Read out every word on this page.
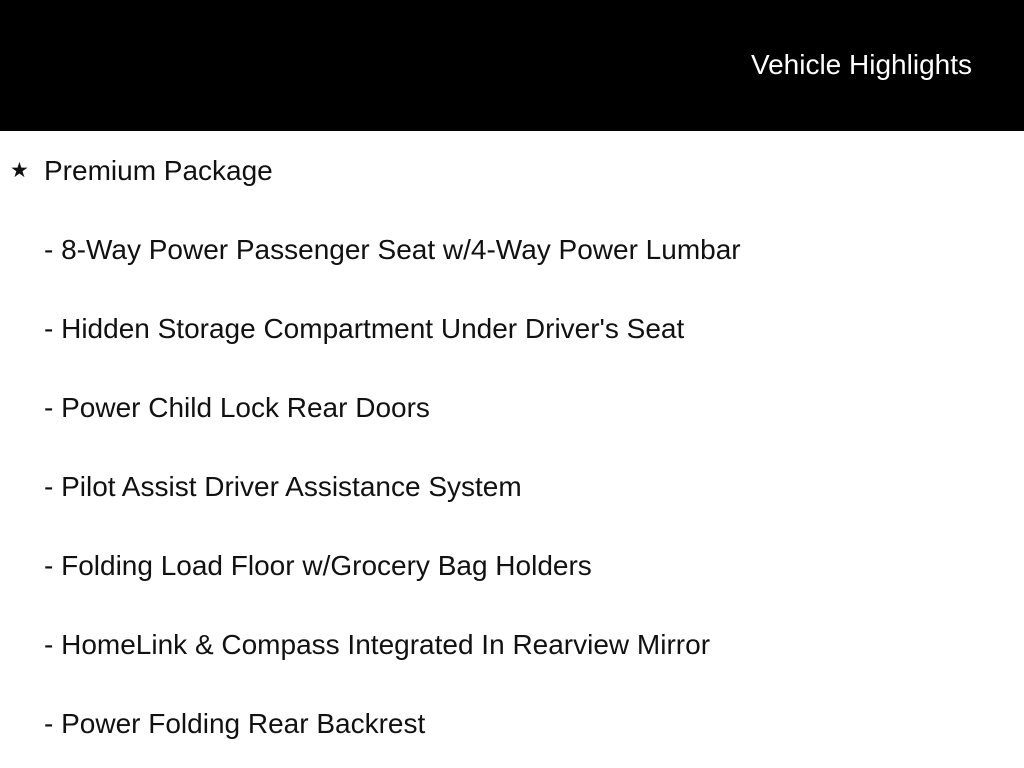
Vehicle Highlights
★ Premium Package
- 8-Way Power Passenger Seat w/4-Way Power Lumbar
- Hidden Storage Compartment Under Driver's Seat
- Power Child Lock Rear Doors
- Pilot Assist Driver Assistance System
- Folding Load Floor w/Grocery Bag Holders
- HomeLink & Compass Integrated In Rearview Mirror
- Power Folding Rear Backrest
